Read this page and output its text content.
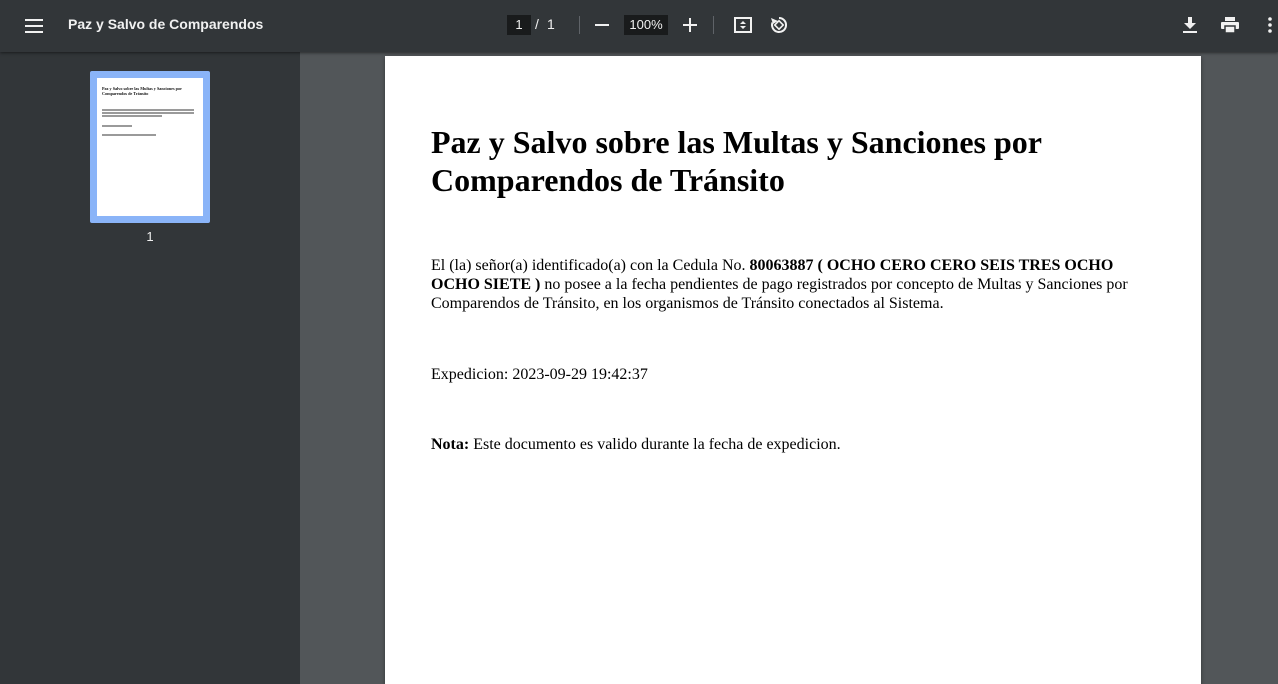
Paz y Salvo de Comparendos	1 / 1	100%
Paz y Salvo sobre las Multas y Sanciones por Comparendos de Tránsito
1
Paz y Salvo sobre las Multas y Sanciones por Comparendos de Tránsito

El (la) señor(a) identificado(a) con la Cedula No. 80063887 ( OCHO CERO CERO SEIS TRES OCHO OCHO SIETE ) no posee a la fecha pendientes de pago registrados por concepto de Multas y Sanciones por Comparendos de Tránsito, en los organismos de Tránsito conectados al Sistema.

Expedicion: 2023-09-29 19:42:37

Nota: Este documento es valido durante la fecha de expedicion.
